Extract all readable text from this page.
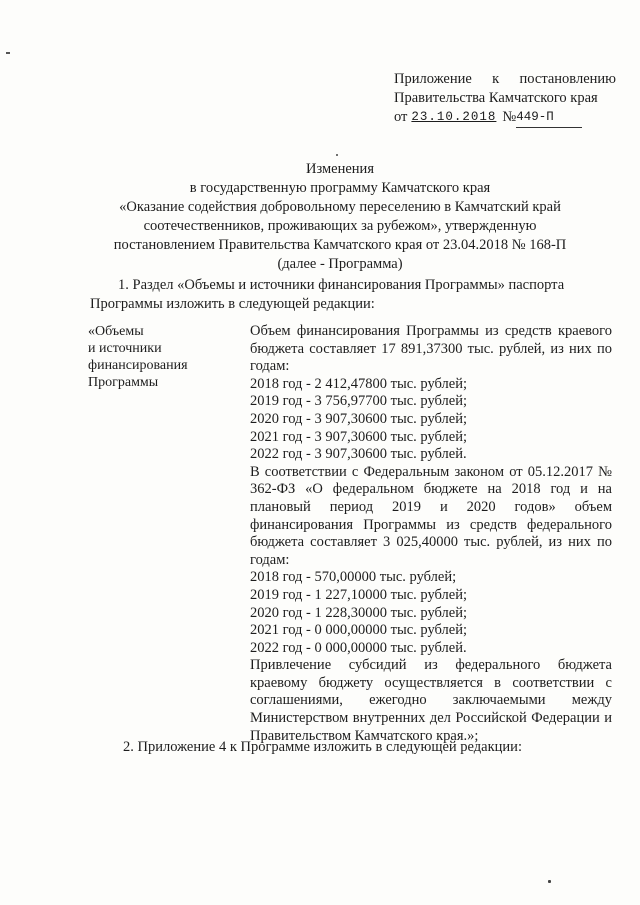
Приложение к постановлению
Правительства Камчатского края
от 23.10.2018 № 449-П
Изменения
в государственную программу Камчатского края
«Оказание содействия добровольному переселению в Камчатский край
соотечественников, проживающих за рубежом», утвержденную
постановлением Правительства Камчатского края от 23.04.2018 № 168-П
(далее - Программа)
1. Раздел «Объемы и источники финансирования Программы» паспорта
Программы изложить в следующей редакции:
«Объемы
и источники
финансирования
Программы
Объем финансирования Программы из средств краевого бюджета составляет 17 891,37300 тыс. рублей, из них по годам:
2018 год - 2 412,47800 тыс. рублей;
2019 год - 3 756,97700 тыс. рублей;
2020 год - 3 907,30600 тыс. рублей;
2021 год - 3 907,30600 тыс. рублей;
2022 год - 3 907,30600 тыс. рублей.
В соответствии с Федеральным законом от 05.12.2017 № 362-ФЗ «О федеральном бюджете на 2018 год и на плановый период 2019 и 2020 годов» объем финансирования Программы из средств федерального бюджета составляет 3 025,40000 тыс. рублей, из них по годам:
2018 год - 570,00000 тыс. рублей;
2019 год - 1 227,10000 тыс. рублей;
2020 год - 1 228,30000 тыс. рублей;
2021 год - 0 000,00000 тыс. рублей;
2022 год - 0 000,00000 тыс. рублей.
Привлечение субсидий из федерального бюджета краевому бюджету осуществляется в соответствии с соглашениями, ежегодно заключаемыми между Министерством внутренних дел Российской Федерации и Правительством Камчатского края.»;
2. Приложение 4 к Программе изложить в следующей редакции:
